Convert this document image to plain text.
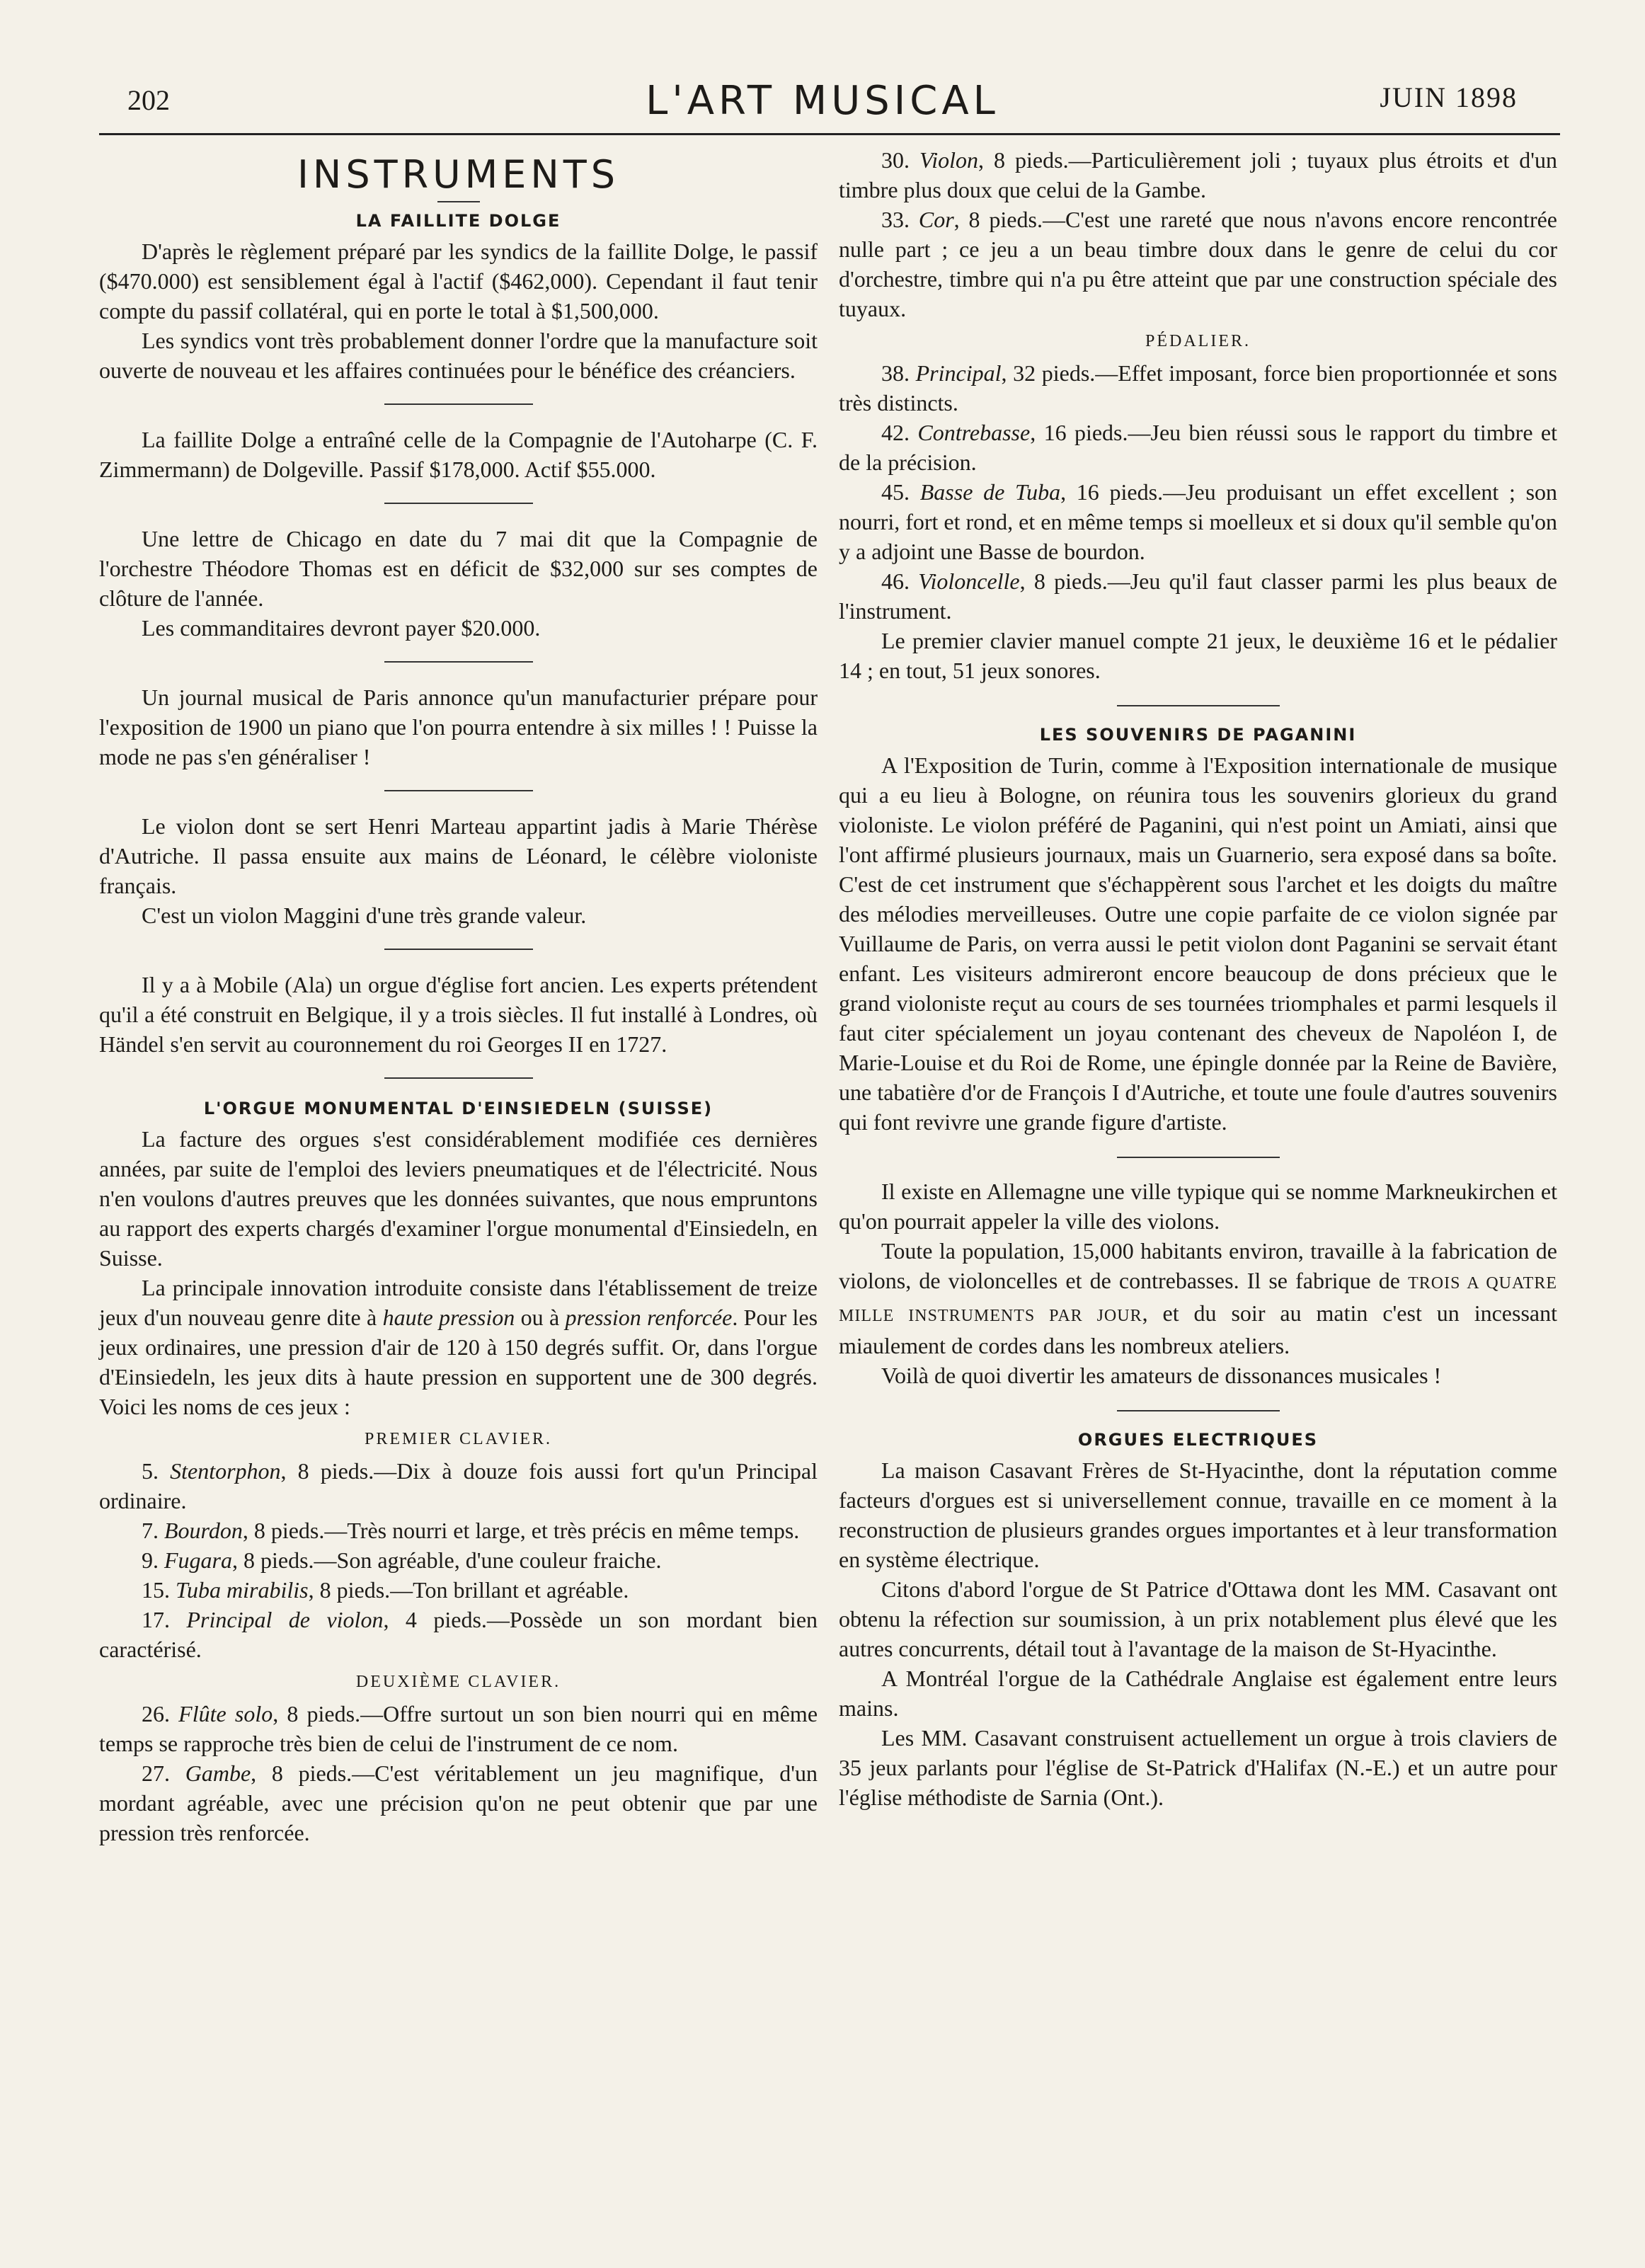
202	L'ART MUSICAL	JUIN 1898
INSTRUMENTS
LA FAILLITE DOLGE

D'après le règlement préparé par les syndics de la faillite Dolge, le passif ($470.000) est sensiblement égal à l'actif ($462,000). Cependant il faut tenir compte du passif collatéral, qui en porte le total à $1,500,000.

Les syndics vont très probablement donner l'ordre que la manufacture soit ouverte de nouveau et les affaires continuées pour le bénéfice des créanciers.

La faillite Dolge a entraîné celle de la Compagnie de l'Autoharpe (C. F. Zimmermann) de Dolgeville. Passif $178,000. Actif $55.000.

Une lettre de Chicago en date du 7 mai dit que la Compagnie de l'orchestre Théodore Thomas est en déficit de $32,000 sur ses comptes de clôture de l'année.

Les commanditaires devront payer $20.000.

Un journal musical de Paris annonce qu'un manufacturier prépare pour l'exposition de 1900 un piano que l'on pourra entendre à six milles ! ! Puisse la mode ne pas s'en généraliser !

Le violon dont se sert Henri Marteau appartint jadis à Marie Thérèse d'Autriche. Il passa ensuite aux mains de Léonard, le célèbre violoniste français.

C'est un violon Maggini d'une très grande valeur.

Il y a à Mobile (Ala) un orgue d'église fort ancien. Les experts prétendent qu'il a été construit en Belgique, il y a trois siècles. Il fut installé à Londres, où Händel s'en servit au couronnement du roi Georges II en 1727.

L'ORGUE MONUMENTAL D'EINSIEDELN (SUISSE)

La facture des orgues s'est considérablement modifiée ces dernières années, par suite de l'emploi des leviers pneumatiques et de l'électricité. Nous n'en voulons d'autres preuves que les données suivantes, que nous empruntons au rapport des experts chargés d'examiner l'orgue monumental d'Einsiedeln, en Suisse.

La principale innovation introduite consiste dans l'établissement de treize jeux d'un nouveau genre dite à haute pression ou à pression renforcée. Pour les jeux ordinaires, une pression d'air de 120 à 150 degrés suffit. Or, dans l'orgue d'Einsiedeln, les jeux dits à haute pression en supportent une de 300 degrés. Voici les noms de ces jeux :

PREMIER CLAVIER.

5. Stentorphon, 8 pieds.—Dix à douze fois aussi fort qu'un Principal ordinaire.

7. Bourdon, 8 pieds.—Très nourri et large, et très précis en même temps.

9. Fugara, 8 pieds.—Son agréable, d'une couleur fraiche.

15. Tuba mirabilis, 8 pieds.—Ton brillant et agréable.

17. Principal de violon, 4 pieds.—Possède un son mordant bien caractérisé.

DEUXIÈME CLAVIER.

26. Flûte solo, 8 pieds.—Offre surtout un son bien nourri qui en même temps se rapproche très bien de celui de l'instrument de ce nom.

27. Gambe, 8 pieds.—C'est véritablement un jeu magnifique, d'un mordant agréable, avec une précision qu'on ne peut obtenir que par une pression très renforcée.

30. Violon, 8 pieds.—Particulièrement joli ; tuyaux plus étroits et d'un timbre plus doux que celui de la Gambe.

33. Cor, 8 pieds.—C'est une rareté que nous n'avons encore rencontrée nulle part ; ce jeu a un beau timbre doux dans le genre de celui du cor d'orchestre, timbre qui n'a pu être atteint que par une construction spéciale des tuyaux.

PÉDALIER.

38. Principal, 32 pieds.—Effet imposant, force bien proportionnée et sons très distincts.

42. Contrebasse, 16 pieds.—Jeu bien réussi sous le rapport du timbre et de la précision.

45. Basse de Tuba, 16 pieds.—Jeu produisant un effet excellent ; son nourri, fort et rond, et en même temps si moelleux et si doux qu'il semble qu'on y a adjoint une Basse de bourdon.

46. Violoncelle, 8 pieds.—Jeu qu'il faut classer parmi les plus beaux de l'instrument.

Le premier clavier manuel compte 21 jeux, le deuxième 16 et le pédalier 14 ; en tout, 51 jeux sonores.

LES SOUVENIRS DE PAGANINI

A l'Exposition de Turin, comme à l'Exposition internationale de musique qui a eu lieu à Bologne, on réunira tous les souvenirs glorieux du grand violoniste. Le violon préféré de Paganini, qui n'est point un Amiati, ainsi que l'ont affirmé plusieurs journaux, mais un Guarnerio, sera exposé dans sa boîte. C'est de cet instrument que s'échappèrent sous l'archet et les doigts du maître des mélodies merveilleuses. Outre une copie parfaite de ce violon signée par Vuillaume de Paris, on verra aussi le petit violon dont Paganini se servait étant enfant. Les visiteurs admireront encore beaucoup de dons précieux que le grand violoniste reçut au cours de ses tournées triomphales et parmi lesquels il faut citer spécialement un joyau contenant des cheveux de Napoléon I, de Marie-Louise et du Roi de Rome, une épingle donnée par la Reine de Bavière, une tabatière d'or de François I d'Autriche, et toute une foule d'autres souvenirs qui font revivre une grande figure d'artiste.

Il existe en Allemagne une ville typique qui se nomme Markneukirchen et qu'on pourrait appeler la ville des violons.

Toute la population, 15,000 habitants environ, travaille à la fabrication de violons, de violoncelles et de contrebasses. Il se fabrique de TROIS A QUATRE MILLE INSTRUMENTS PAR JOUR, et du soir au matin c'est un incessant miaulement de cordes dans les nombreux ateliers.

Voilà de quoi divertir les amateurs de dissonances musicales !

ORGUES ELECTRIQUES

La maison Casavant Frères de St-Hyacinthe, dont la réputation comme facteurs d'orgues est si universellement connue, travaille en ce moment à la reconstruction de plusieurs grandes orgues importantes et à leur transformation en système électrique.

Citons d'abord l'orgue de St Patrice d'Ottawa dont les MM. Casavant ont obtenu la réfection sur soumission, à un prix notablement plus élevé que les autres concurrents, détail tout à l'avantage de la maison de St-Hyacinthe.

A Montréal l'orgue de la Cathédrale Anglaise est également entre leurs mains.

Les MM. Casavant construisent actuellement un orgue à trois claviers de 35 jeux parlants pour l'église de St-Patrick d'Halifax (N.-E.) et un autre pour l'église méthodiste de Sarnia (Ont.).
